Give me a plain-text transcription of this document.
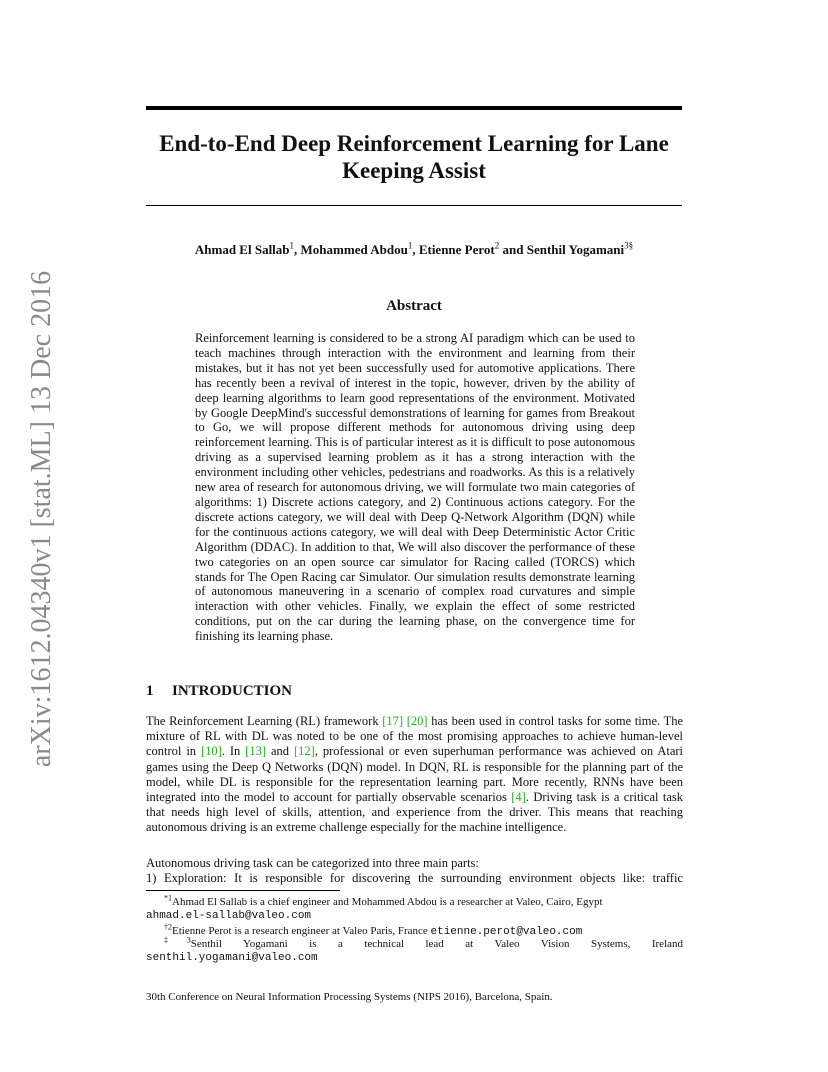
arXiv:1612.04340v1 [stat.ML] 13 Dec 2016
End-to-End Deep Reinforcement Learning for Lane Keeping Assist
Ahmad El Sallab$^1$, Mohammed Abdou$^1$, Etienne Perot$^2$ and Senthil Yogamani$^{3\S}$
Abstract
Reinforcement learning is considered to be a strong AI paradigm which can be used to teach machines through interaction with the environment and learning from their mistakes, but it has not yet been successfully used for automotive applications. There has recently been a revival of interest in the topic, however, driven by the ability of deep learning algorithms to learn good representations of the environment. Motivated by Google DeepMind's successful demonstrations of learning for games from Breakout to Go, we will propose different methods for autonomous driving using deep reinforcement learning. This is of particular interest as it is difficult to pose autonomous driving as a supervised learning problem as it has a strong interaction with the environment including other vehicles, pedestrians and roadworks. As this is a relatively new area of research for autonomous driving, we will formulate two main categories of algorithms: 1) Discrete actions category, and 2) Continuous actions category. For the discrete actions category, we will deal with Deep Q-Network Algorithm (DQN) while for the continuous actions category, we will deal with Deep Deterministic Actor Critic Algorithm (DDAC). In addition to that, We will also discover the performance of these two categories on an open source car simulator for Racing called (TORCS) which stands for The Open Racing car Simulator. Our simulation results demonstrate learning of autonomous maneuvering in a scenario of complex road curvatures and simple interaction with other vehicles. Finally, we explain the effect of some restricted conditions, put on the car during the learning phase, on the convergence time for finishing its learning phase.
1 INTRODUCTION
The Reinforcement Learning (RL) framework [17] [20] has been used in control tasks for some time. The mixture of RL with DL was noted to be one of the most promising approaches to achieve human-level control in [10]. In [13] and [12], professional or even superhuman performance was achieved on Atari games using the Deep Q Networks (DQN) model. In DQN, RL is responsible for the planning part of the model, while DL is responsible for the representation learning part. More recently, RNNs have been integrated into the model to account for partially observable scenarios [4]. Driving task is a critical task that needs high level of skills, attention, and experience from the driver. This means that reaching autonomous driving is an extreme challenge especially for the machine intelligence.
Autonomous driving task can be categorized into three main parts:
1) Exploration: It is responsible for discovering the surrounding environment objects like: traffic
$^{*1}$Ahmad El Sallab is a chief engineer and Mohammed Abdou is a researcher at Valeo, Cairo, Egypt
ahmad.el-sallab@valeo.com
$^{\dagger 2}$Etienne Perot is a research engineer at Valeo Paris, France etienne.perot@valeo.com
$^{\ddagger 3}$Senthil Yogamani is a technical lead at Valeo Vision Systems, Ireland
senthil.yogamani@valeo.com
30th Conference on Neural Information Processing Systems (NIPS 2016), Barcelona, Spain.
